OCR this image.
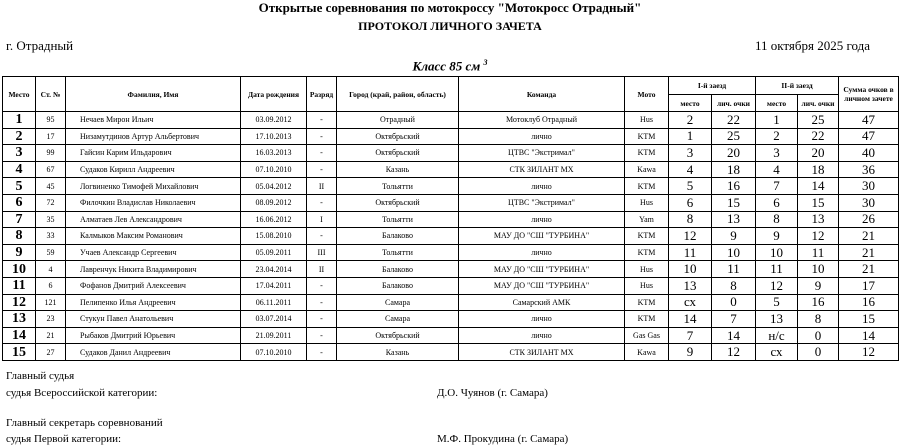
Открытые соревнования по мотокроссу "Мотокросс Отрадный"
ПРОТОКОЛ ЛИЧНОГО ЗАЧЕТА
г. Отрадный	11 октября 2025 года
Класс 85 см $^3$
Место	Ст. №	Фамилия, Имя	Дата рождения	Разряд	Город (край, район, область)	Команда	Мото	I-й заезд		II-й заезд		Сумма очков в личном зачете
								место	лич. очки	место	лич. очки	
1	95	Нечаев Мирон Ильич	03.09.2012	-	Отрадный	Мотоклуб Отрадный	Hus	2	22	1	25	47
2	17	Низамутдинов Артур Альбертович	17.10.2013	-	Октябрьский	лично	KTM	1	25	2	22	47
3	99	Гайсин Карим Ильдарович	16.03.2013	-	Октябрьский	ЦТВС "Экстримал"	KTM	3	20	3	20	40
4	67	Судаков Кирилл Андреевич	07.10.2010	-	Казань	СТК ЗИЛАНТ МХ	Kawa	4	18	4	18	36
5	45	Логвиненко Тимофей Михайлович	05.04.2012	II	Тольятти	лично	KTM	5	16	7	14	30
6	72	Филочкин Владислав Николаевич	08.09.2012	-	Октябрьский	ЦТВС "Экстримал"	Hus	6	15	6	15	30
7	35	Алматаев Лев Александрович	16.06.2012	I	Тольятти	лично	Yam	8	13	8	13	26
8	33	Калмыков Максим Романович	15.08.2010	-	Балаково	МАУ ДО "СШ "ТУРБИНА"	KTM	12	9	9	12	21
9	59	Учаев Александр Сергеевич	05.09.2011	III	Тольятти	лично	KTM	11	10	10	11	21
10	4	Лавренчук Никита Владимирович	23.04.2014	II	Балаково	МАУ ДО "СШ "ТУРБИНА"	Hus	10	11	11	10	21
11	6	Фофанов Дмитрий Алексеевич	17.04.2011	-	Балаково	МАУ ДО "СШ "ТУРБИНА"	Hus	13	8	12	9	17
12	121	Пелипенко Илья Андреевич	06.11.2011	-	Самара	Самарский АМК	KTM	сх	0	5	16	16
13	23	Стукун Павел Анатольевич	03.07.2014	-	Самара	лично	KTM	14	7	13	8	15
14	21	Рыбаков Дмитрий Юрьевич	21.09.2011	-	Октябрьский	лично	Gas Gas	7	14	н/с	0	14
15	27	Судаков Данил Андреевич	07.10.2010	-	Казань	СТК ЗИЛАНТ МХ	Kawa	9	12	сх	0	12
Главный судья
судья Всероссийской категории:	Д.О. Чуянов (г. Самара)
Главный секретарь соревнований
судья Первой категории:	М.Ф. Прокудина (г. Самара)
